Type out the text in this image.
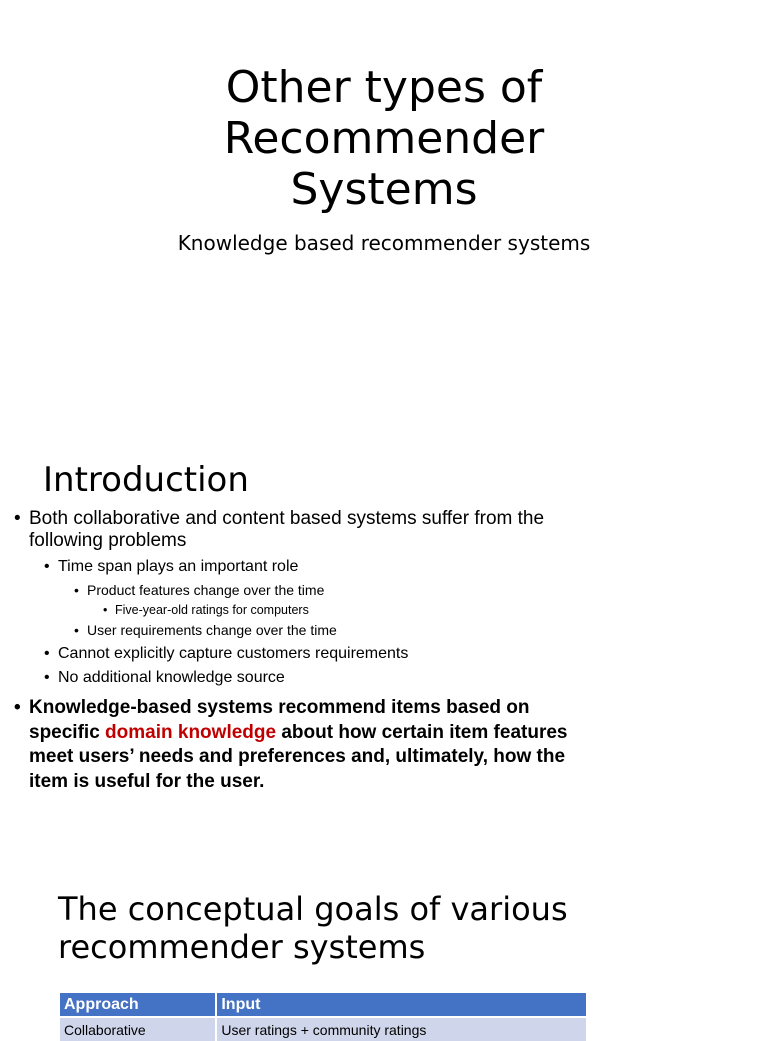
Other types of
Recommender
Systems
Knowledge based recommender systems
Introduction
• Both collaborative and content based systems suffer from the following problems
• Time span plays an important role
• Product features change over the time
• Five-year-old ratings for computers
• User requirements change over the time
• Cannot explicitly capture customers requirements
• No additional knowledge source
• Knowledge-based systems recommend items based on specific domain knowledge about how certain item features meet users’ needs and preferences and, ultimately, how the item is useful for the user.
The conceptual goals of various recommender systems
Approach	Input
Collaborative	User ratings + community ratings
